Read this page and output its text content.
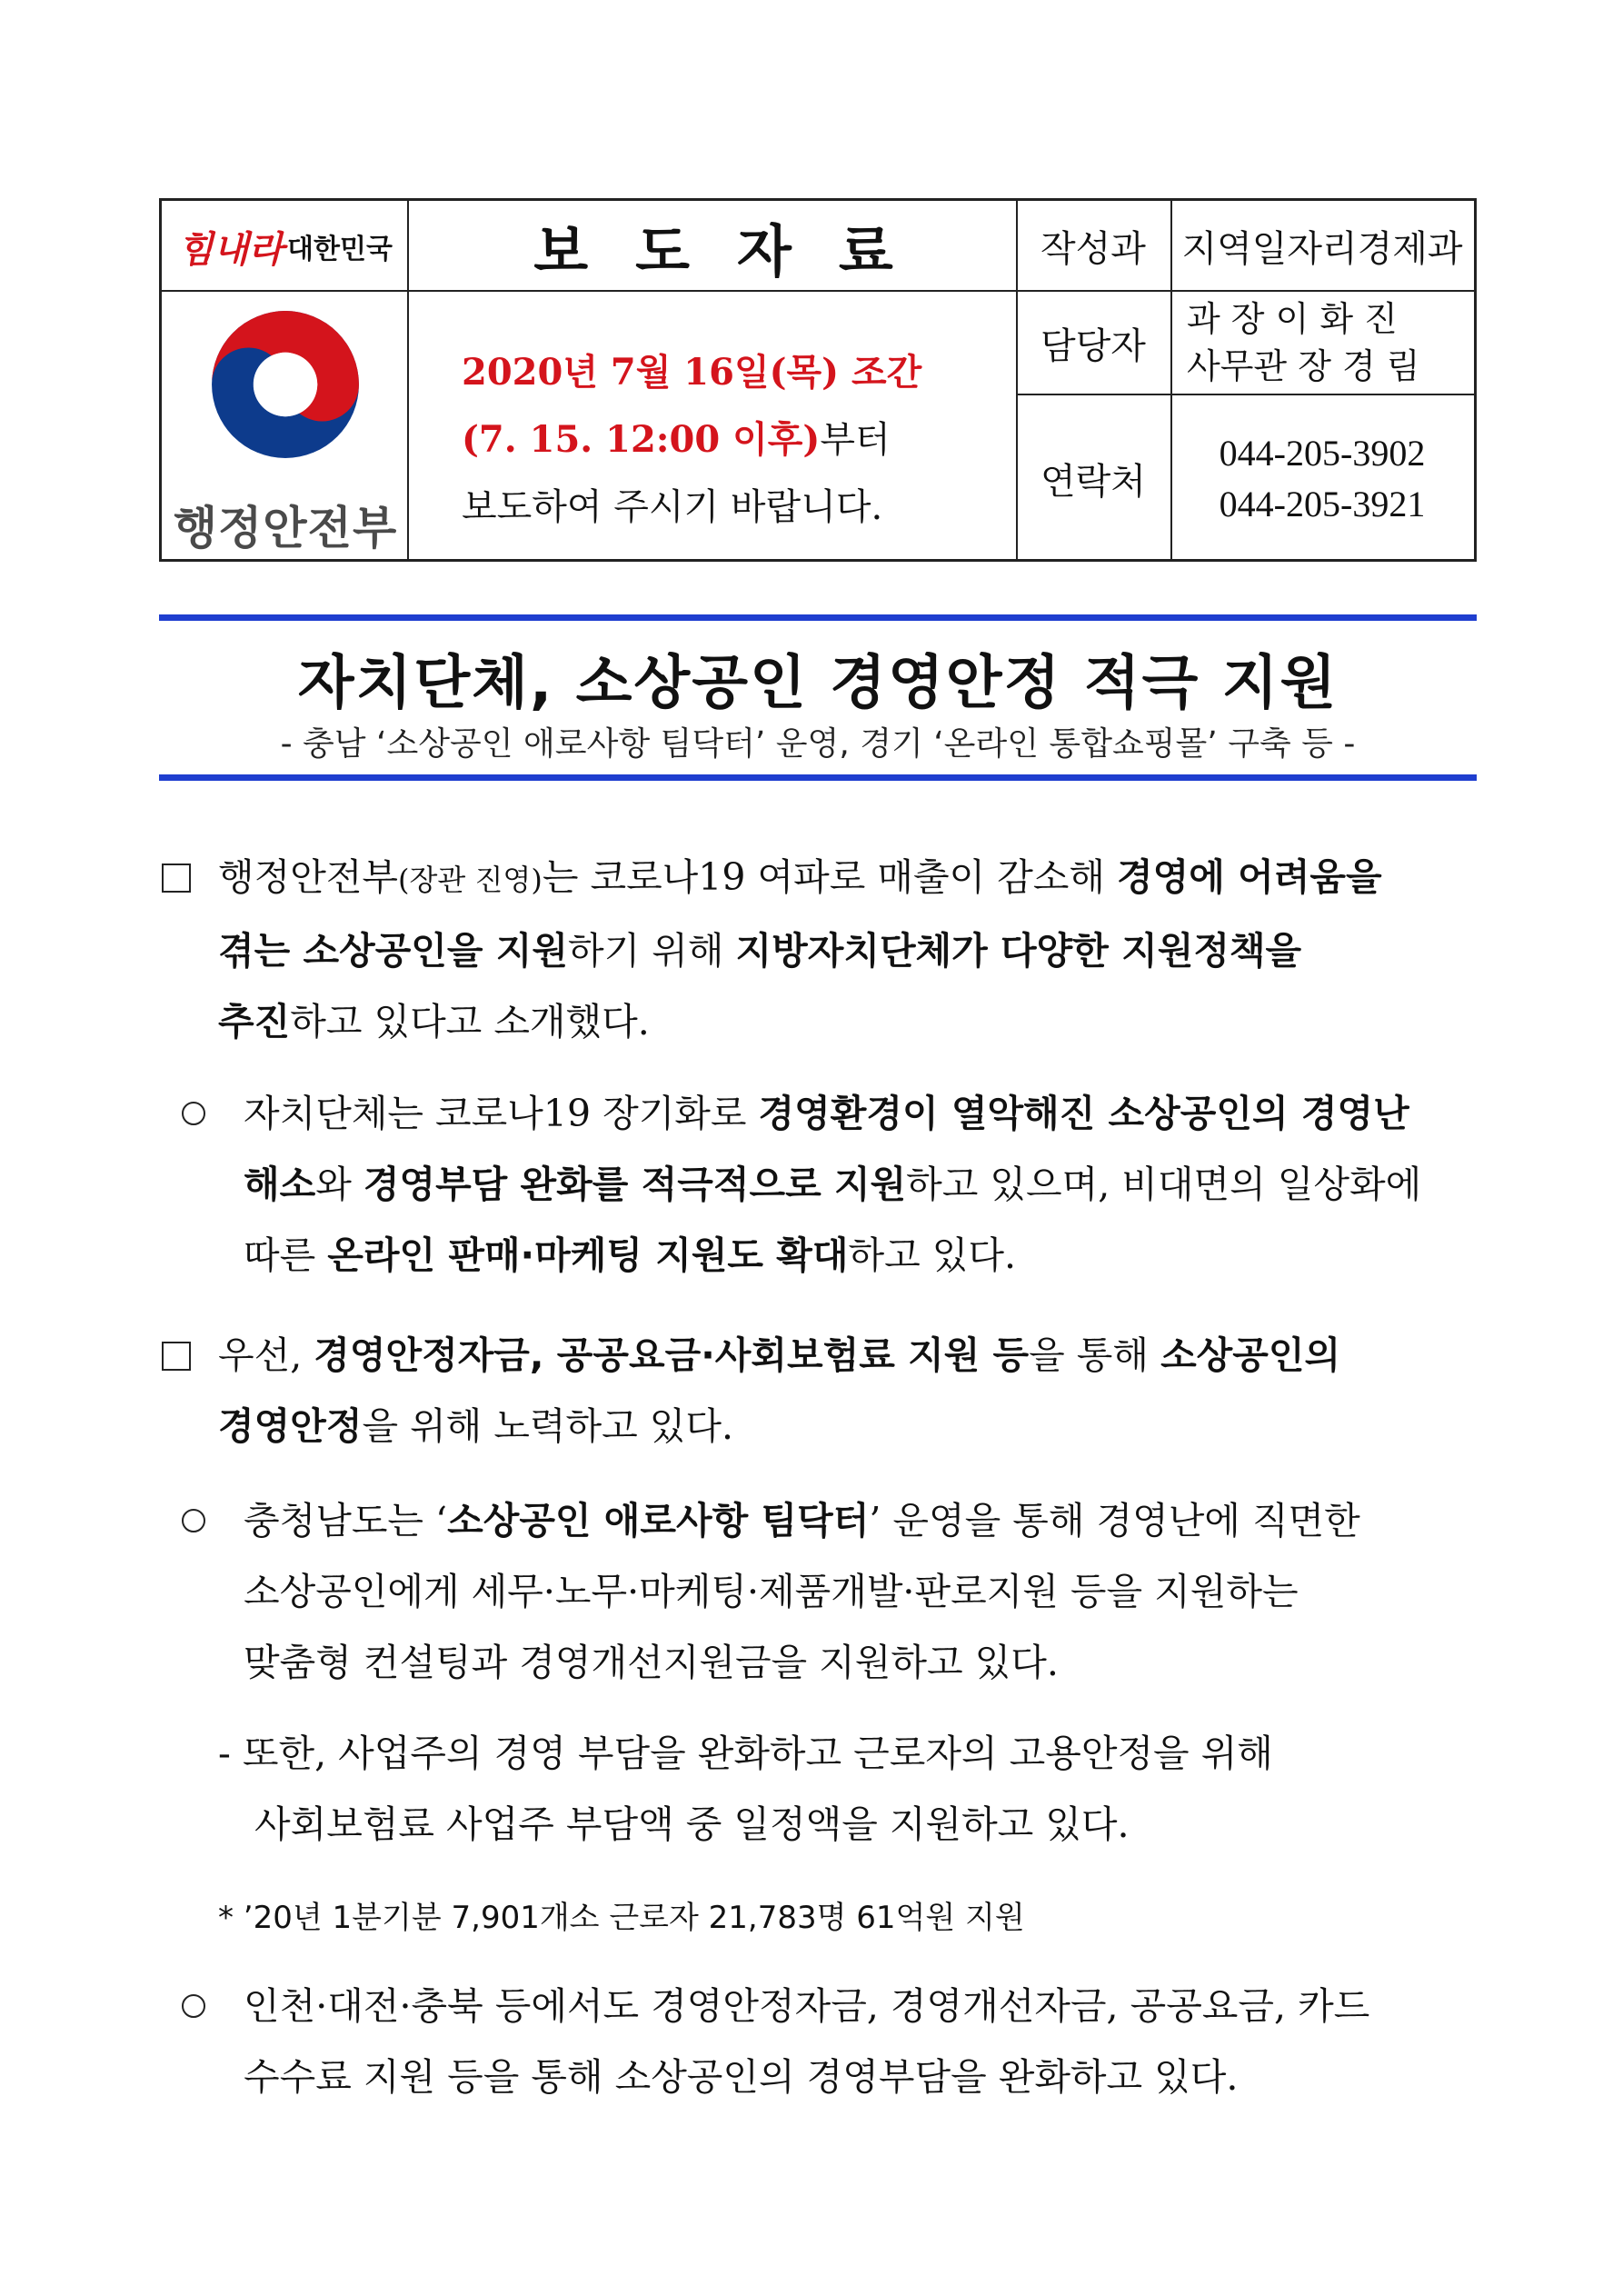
힘내라 대한민국
행정안전부
보도자료
2020년 7월 16일(목) 조간
(7. 15. 12:00 이후)부터
보도하여 주시기 바랍니다.
작성과 지역일자리경제과
담당자
과 장 이 화 진
사무관 장 경 림
연락처
044-205-3902
044-205-3921
자치단체, 소상공인 경영안정 적극 지원
- 충남 ‘소상공인 애로사항 팀닥터’ 운영, 경기 ‘온라인 통합쇼핑몰’ 구축 등 -
행정안전부(장관 진영)는 코로나19 여파로 매출이 감소해 경영에 어려움을
겪는 소상공인을 지원하기 위해 지방자치단체가 다양한 지원정책을
추진하고 있다고 소개했다.
자치단체는 코로나19 장기화로 경영환경이 열악해진 소상공인의 경영난
해소와 경영부담 완화를 적극적으로 지원하고 있으며, 비대면의 일상화에
따른 온라인 판매·마케팅 지원도 확대하고 있다.
우선, 경영안정자금, 공공요금·사회보험료 지원 등을 통해 소상공인의
경영안정을 위해 노력하고 있다.
충청남도는 ‘소상공인 애로사항 팀닥터’ 운영을 통해 경영난에 직면한
소상공인에게 세무·노무·마케팅·제품개발·판로지원 등을 지원하는
맞춤형 컨설팅과 경영개선지원금을 지원하고 있다.
- 또한, 사업주의 경영 부담을 완화하고 근로자의 고용안정을 위해
사회보험료 사업주 부담액 중 일정액을 지원하고 있다.
* ’20년 1분기분 7,901개소 근로자 21,783명 61억원 지원
인천·대전·충북 등에서도 경영안정자금, 경영개선자금, 공공요금, 카드
수수료 지원 등을 통해 소상공인의 경영부담을 완화하고 있다.
